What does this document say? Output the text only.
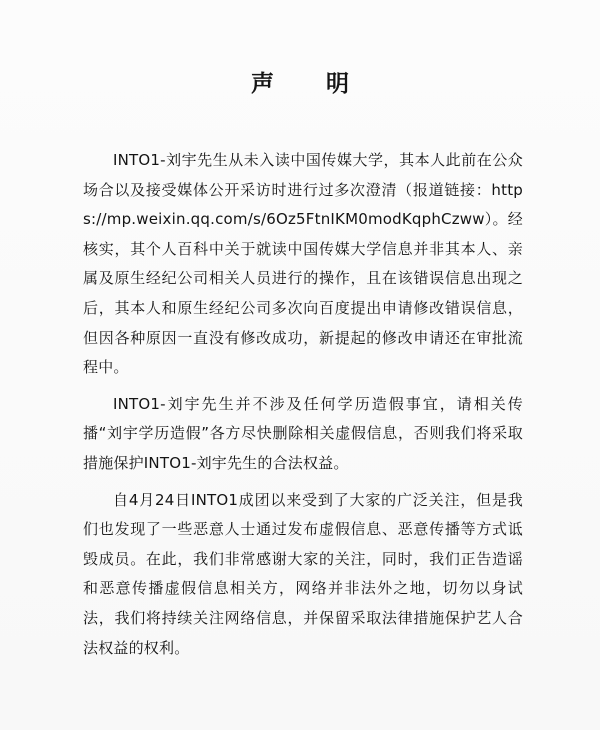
声 明

INTO1-刘宇先生从未入读中国传媒大学，其本人此前在公众场合以及接受媒体公开采访时进行过多次澄清（报道链接：https://mp.weixin.qq.com/s/6Oz5FtnIKM0modKqphCzww）。经核实，其个人百科中关于就读中国传媒大学信息并非其本人、亲属及原生经纪公司相关人员进行的操作，且在该错误信息出现之后，其本人和原生经纪公司多次向百度提出申请修改错误信息，但因各种原因一直没有修改成功，新提起的修改申请还在审批流程中。

INTO1-刘宇先生并不涉及任何学历造假事宜，请相关传播“刘宇学历造假”各方尽快删除相关虚假信息，否则我们将采取措施保护INTO1-刘宇先生的合法权益。

自4月24日INTO1成团以来受到了大家的广泛关注，但是我们也发现了一些恶意人士通过发布虚假信息、恶意传播等方式诋毁成员。在此，我们非常感谢大家的关注，同时，我们正告造谣和恶意传播虚假信息相关方，网络并非法外之地，切勿以身试法，我们将持续关注网络信息，并保留采取法律措施保护艺人合法权益的权利。
